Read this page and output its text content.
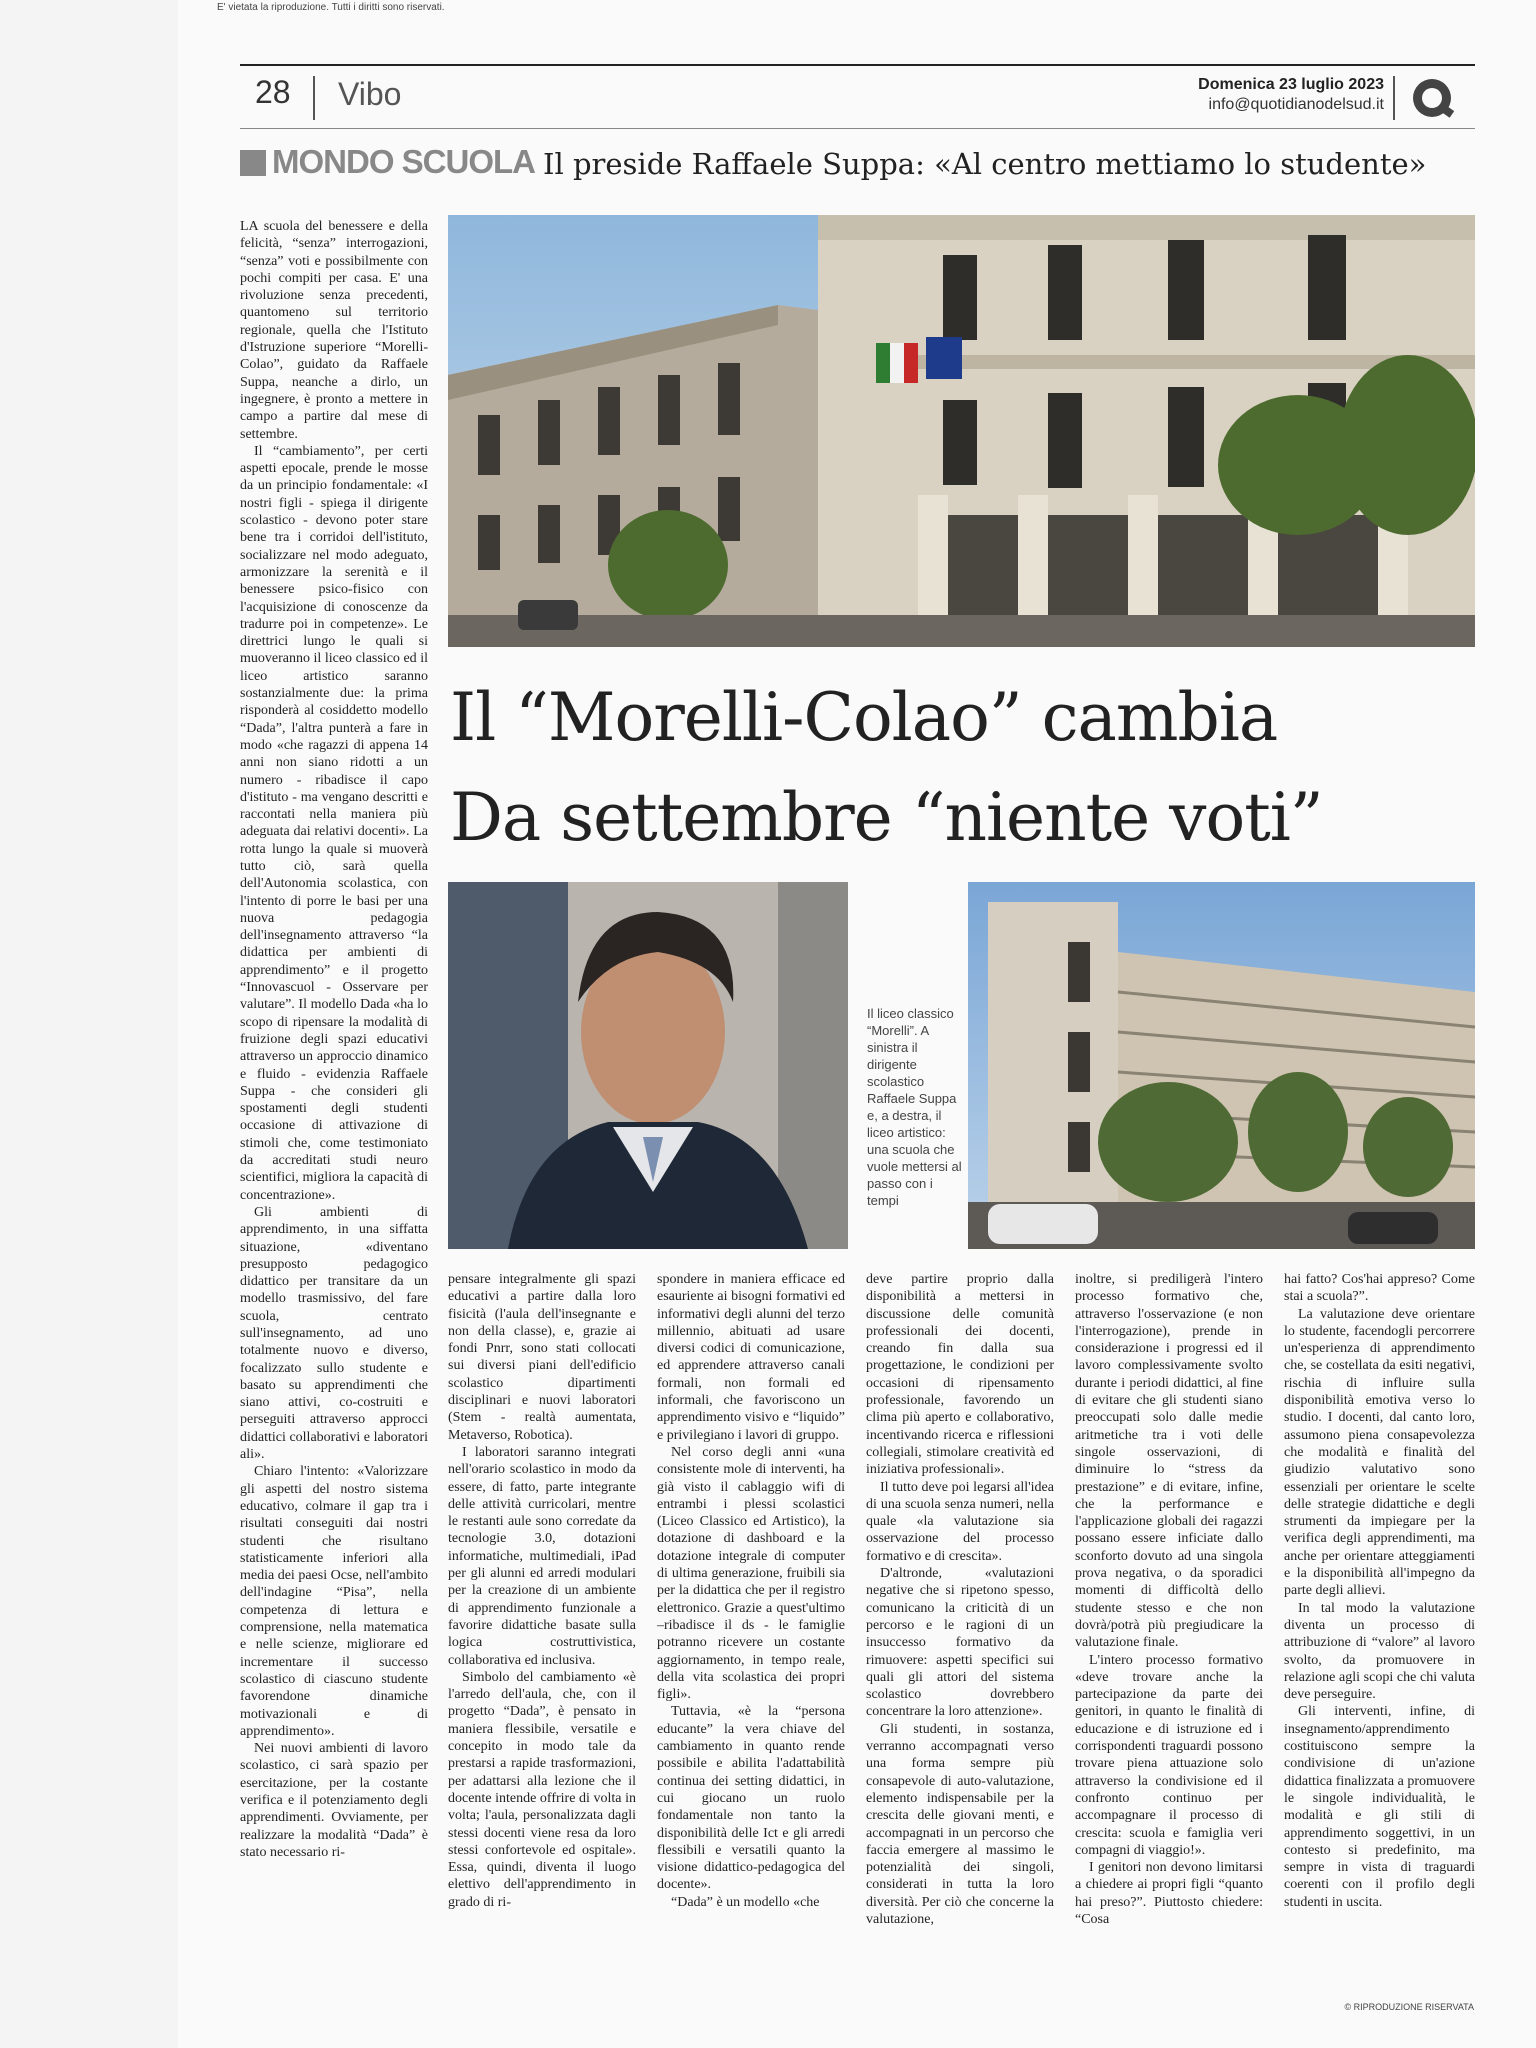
E' vietata la riproduzione. Tutti i diritti sono riservati.
28 Vibo	Domenica 23 luglio 2023
info@quotidianodelsud.it
MONDO SCUOLA Il preside Raffaele Suppa: «Al centro mettiamo lo studente»
Il “Morelli-Colao” cambia
Da settembre “niente voti”
Il liceo classico “Morelli”. A sinistra il dirigente scolastico Raffaele Suppa e, a destra, il liceo artistico: una scuola che vuole mettersi al passo con i tempi

LA scuola del benessere e della felicità, “senza” interrogazioni, “senza” voti e possibilmente con pochi compiti per casa. E' una rivoluzione senza precedenti, quantomeno sul territorio regionale, quella che l'Istituto d'Istruzione superiore “Morelli-Colao”, guidato da Raffaele Suppa, neanche a dirlo, un ingegnere, è pronto a mettere in campo a partire dal mese di settembre.

Il “cambiamento”, per certi aspetti epocale, prende le mosse da un principio fondamentale: «I nostri figli - spiega il dirigente scolastico - devono poter stare bene tra i corridoi dell'istituto, socializzare nel modo adeguato, armonizzare la serenità e il benessere psico-fisico con l'acquisizione di conoscenze da tradurre poi in competenze». Le direttrici lungo le quali si muoveranno il liceo classico ed il liceo artistico saranno sostanzialmente due: la prima risponderà al cosiddetto modello “Dada”, l'altra punterà a fare in modo «che ragazzi di appena 14 anni non siano ridotti a un numero - ribadisce il capo d'istituto - ma vengano descritti e raccontati nella maniera più adeguata dai relativi docenti». La rotta lungo la quale si muoverà tutto ciò, sarà quella dell'Autonomia scolastica, con l'intento di porre le basi per una nuova pedagogia dell'insegnamento attraverso “la didattica per ambienti di apprendimento” e il progetto “Innovascuol - Osservare per valutare”. Il modello Dada «ha lo scopo di ripensare la modalità di fruizione degli spazi educativi attraverso un approccio dinamico e fluido - evidenzia Raffaele Suppa - che consideri gli spostamenti degli studenti occasione di attivazione di stimoli che, come testimoniato da accreditati studi neuro scientifici, migliora la capacità di concentrazione».

Gli ambienti di apprendimento, in una siffatta situazione, «diventano presupposto pedagogico didattico per transitare da un modello trasmissivo, del fare scuola, centrato sull'insegnamento, ad uno totalmente nuovo e diverso, focalizzato sullo studente e basato su apprendimenti che siano attivi, co-costruiti e perseguiti attraverso approcci didattici collaborativi e laboratori ali».

Chiaro l'intento: «Valorizzare gli aspetti del nostro sistema educativo, colmare il gap tra i risultati conseguiti dai nostri studenti che risultano statisticamente inferiori alla media dei paesi Ocse, nell'ambito dell'indagine “Pisa”, nella competenza di lettura e comprensione, nella matematica e nelle scienze, migliorare ed incrementare il successo scolastico di ciascuno studente favorendone dinamiche motivazionali e di apprendimento».

Nei nuovi ambienti di lavoro scolastico, ci sarà spazio per esercitazione, per la costante verifica e il potenziamento degli apprendimenti. Ovviamente, per realizzare la modalità “Dada” è stato necessario ri-

pensare integralmente gli spazi educativi a partire dalla loro fisicità (l'aula dell'insegnante e non della classe), e, grazie ai fondi Pnrr, sono stati collocati sui diversi piani dell'edificio scolastico dipartimenti disciplinari e nuovi laboratori (Stem - realtà aumentata, Metaverso, Robotica).

I laboratori saranno integrati nell'orario scolastico in modo da essere, di fatto, parte integrante delle attività curricolari, mentre le restanti aule sono corredate da tecnologie 3.0, dotazioni informatiche, multimediali, iPad per gli alunni ed arredi modulari per la creazione di un ambiente di apprendimento funzionale a favorire didattiche basate sulla logica costruttivistica, collaborativa ed inclusiva.

Simbolo del cambiamento «è l'arredo dell'aula, che, con il progetto “Dada”, è pensato in maniera flessibile, versatile e concepito in modo tale da prestarsi a rapide trasformazioni, per adattarsi alla lezione che il docente intende offrire di volta in volta; l'aula, personalizzata dagli stessi docenti viene resa da loro stessi confortevole ed ospitale». Essa, quindi, diventa il luogo elettivo dell'apprendimento in grado di ri-

spondere in maniera efficace ed esauriente ai bisogni formativi ed informativi degli alunni del terzo millennio, abituati ad usare diversi codici di comunicazione, ed apprendere attraverso canali formali, non formali ed informali, che favoriscono un apprendimento visivo e “liquido” e privilegiano i lavori di gruppo.

Nel corso degli anni «una consistente mole di interventi, ha già visto il cablaggio wifi di entrambi i plessi scolastici (Liceo Classico ed Artistico), la dotazione di dashboard e la dotazione integrale di computer di ultima generazione, fruibili sia per la didattica che per il registro elettronico. Grazie a quest'ultimo –ribadisce il ds - le famiglie potranno ricevere un costante aggiornamento, in tempo reale, della vita scolastica dei propri figli».

Tuttavia, «è la “persona educante” la vera chiave del cambiamento in quanto rende possibile e abilita l'adattabilità continua dei setting didattici, in cui giocano un ruolo fondamentale non tanto la disponibilità delle Ict e gli arredi flessibili e versatili quanto la visione didattico-pedagogica del docente».

“Dada” è un modello «che

deve partire proprio dalla disponibilità a mettersi in discussione delle comunità professionali dei docenti, creando fin dalla sua progettazione, le condizioni per occasioni di ripensamento professionale, favorendo un clima più aperto e collaborativo, incentivando ricerca e riflessioni collegiali, stimolare creatività ed iniziativa professionali».

Il tutto deve poi legarsi all'idea di una scuola senza numeri, nella quale «la valutazione sia osservazione del processo formativo e di crescita».

D'altronde, «valutazioni negative che si ripetono spesso, comunicano la criticità di un percorso e le ragioni di un insuccesso formativo da rimuovere: aspetti specifici sui quali gli attori del sistema scolastico dovrebbero concentrare la loro attenzione».

Gli studenti, in sostanza, verranno accompagnati verso una forma sempre più consapevole di auto-valutazione, elemento indispensabile per la crescita delle giovani menti, e accompagnati in un percorso che faccia emergere al massimo le potenzialità dei singoli, considerati in tutta la loro diversità. Per ciò che concerne la valutazione,

inoltre, si prediligerà l'intero processo formativo che, attraverso l'osservazione (e non l'interrogazione), prende in considerazione i progressi ed il lavoro complessivamente svolto durante i periodi didattici, al fine di evitare che gli studenti siano preoccupati solo dalle medie aritmetiche tra i voti delle singole osservazioni, di diminuire lo “stress da prestazione” e di evitare, infine, che la performance e l'applicazione globali dei ragazzi possano essere inficiate dallo sconforto dovuto ad una singola prova negativa, o da sporadici momenti di difficoltà dello studente stesso e che non dovrà/potrà più pregiudicare la valutazione finale.

L'intero processo formativo «deve trovare anche la partecipazione da parte dei genitori, in quanto le finalità di educazione e di istruzione ed i corrispondenti traguardi possono trovare piena attuazione solo attraverso la condivisione ed il confronto continuo per accompagnare il processo di crescita: scuola e famiglia veri compagni di viaggio!».

I genitori non devono limitarsi a chiedere ai propri figli “quanto hai preso?”. Piuttosto chiedere: “Cosa

hai fatto? Cos'hai appreso? Come stai a scuola?”.

La valutazione deve orientare lo studente, facendogli percorrere un'esperienza di apprendimento che, se costellata da esiti negativi, rischia di influire sulla disponibilità emotiva verso lo studio. I docenti, dal canto loro, assumono piena consapevolezza che modalità e finalità del giudizio valutativo sono essenziali per orientare le scelte delle strategie didattiche e degli strumenti da impiegare per la verifica degli apprendimenti, ma anche per orientare atteggiamenti e la disponibilità all'impegno da parte degli allievi.

In tal modo la valutazione diventa un processo di attribuzione di “valore” al lavoro svolto, da promuovere in relazione agli scopi che chi valuta deve perseguire.

Gli interventi, infine, di insegnamento/apprendimento costituiscono sempre la condivisione di un'azione didattica finalizzata a promuovere le singole individualità, le modalità e gli stili di apprendimento soggettivi, in un contesto si predefinito, ma sempre in vista di traguardi coerenti con il profilo degli studenti in uscita.

© RIPRODUZIONE RISERVATA
